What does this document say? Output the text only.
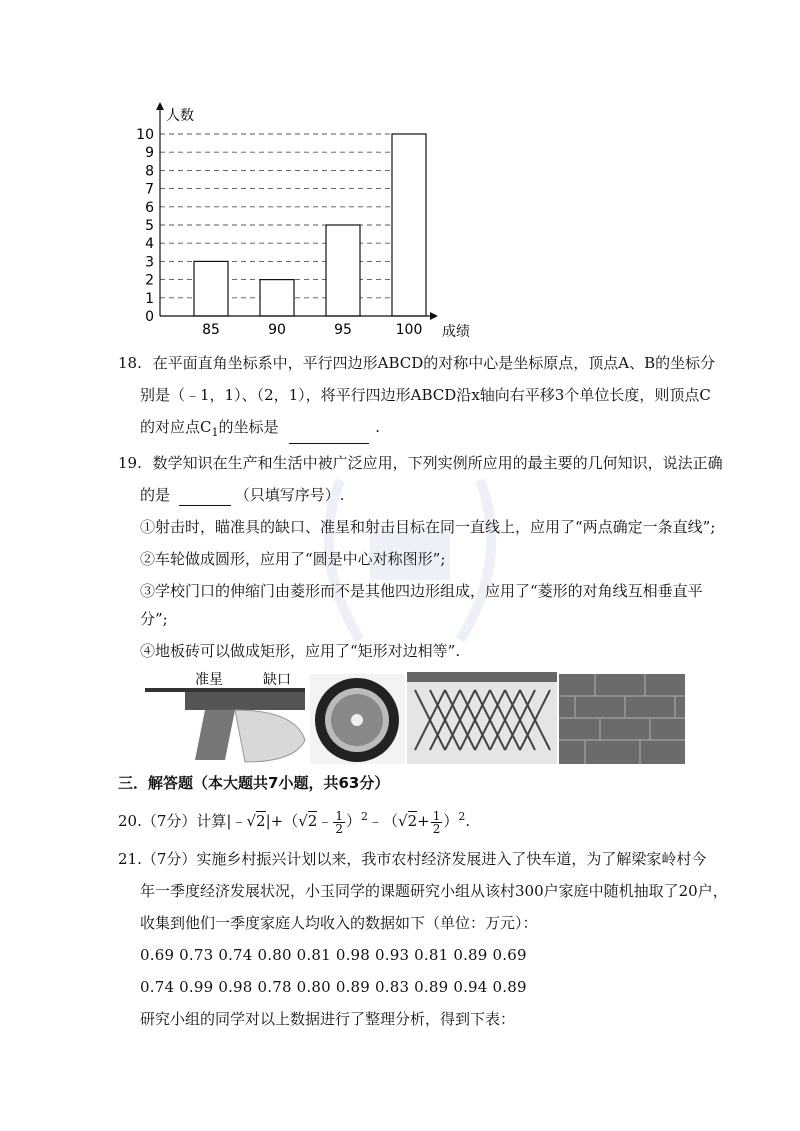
0
1
2
3
4
5
6
7
8
9
10
85	90	95	100
人数
成绩
18. 在平面直角坐标系中，平行四边形ABCD的对称中心是坐标原点，顶点A、B的坐标分
别是（﹣1，1）、（2，1），将平行四边形ABCD沿x轴向右平移3个单位长度，则顶点C
的对应点$C_1$的坐标是	.
19. 数学知识在生产和生活中被广泛应用，下列实例所应用的最主要的几何知识，说法正确
的是	（只填写序号）.
①射击时，瞄准具的缺口、准星和射击目标在同一直线上，应用了“两点确定一条直线”;
②车轮做成圆形，应用了“圆是中心对称图形”;
③学校门口的伸缩门由菱形而不是其他四边形组成，应用了“菱形的对角线互相垂直平
分”;
④地板砖可以做成矩形，应用了“矩形对边相等”.
准星	缺口
三．解答题（本大题共7小题，共63分）
20.（7分）计算|﹣√2|+（√2﹣ $\frac{1}{2}$ ）$^2$﹣（√2+ $\frac{1}{2} )^2$.
21.（7分）实施乡村振兴计划以来，我市农村经济发展进入了快车道，为了解梁家岭村今
年一季度经济发展状况，小玉同学的课题研究小组从该村300户家庭中随机抽取了20户，
收集到他们一季度家庭人均收入的数据如下（单位：万元）：
0.69 0.73 0.74 0.80 0.81 0.98 0.93 0.81 0.89 0.69
0.74 0.99 0.98 0.78 0.80 0.89 0.83 0.89 0.94 0.89
研究小组的同学对以上数据进行了整理分析，得到下表：
